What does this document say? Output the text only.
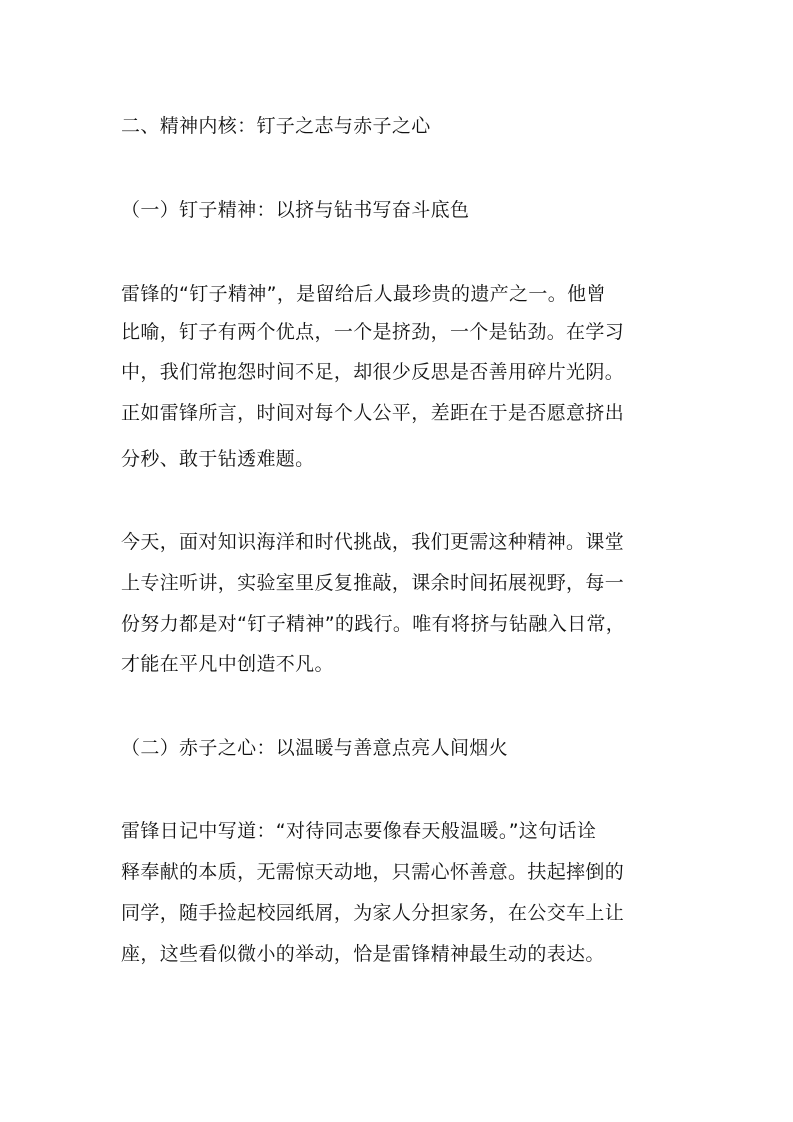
二、精神内核：钉子之志与赤子之心
（一）钉子精神：以挤与钻书写奋斗底色
雷锋的“钉子精神”，是留给后人最珍贵的遗产之一。他曾
比喻，钉子有两个优点，一个是挤劲，一个是钻劲。在学习
中，我们常抱怨时间不足，却很少反思是否善用碎片光阴。
正如雷锋所言，时间对每个人公平，差距在于是否愿意挤出
分秒、敢于钻透难题。
今天，面对知识海洋和时代挑战，我们更需这种精神。课堂
上专注听讲，实验室里反复推敲，课余时间拓展视野，每一
份努力都是对“钉子精神”的践行。唯有将挤与钻融入日常，
才能在平凡中创造不凡。
（二）赤子之心：以温暖与善意点亮人间烟火
雷锋日记中写道：“对待同志要像春天般温暖。”这句话诠
释奉献的本质，无需惊天动地，只需心怀善意。扶起摔倒的
同学，随手捡起校园纸屑，为家人分担家务，在公交车上让
座，这些看似微小的举动，恰是雷锋精神最生动的表达。
